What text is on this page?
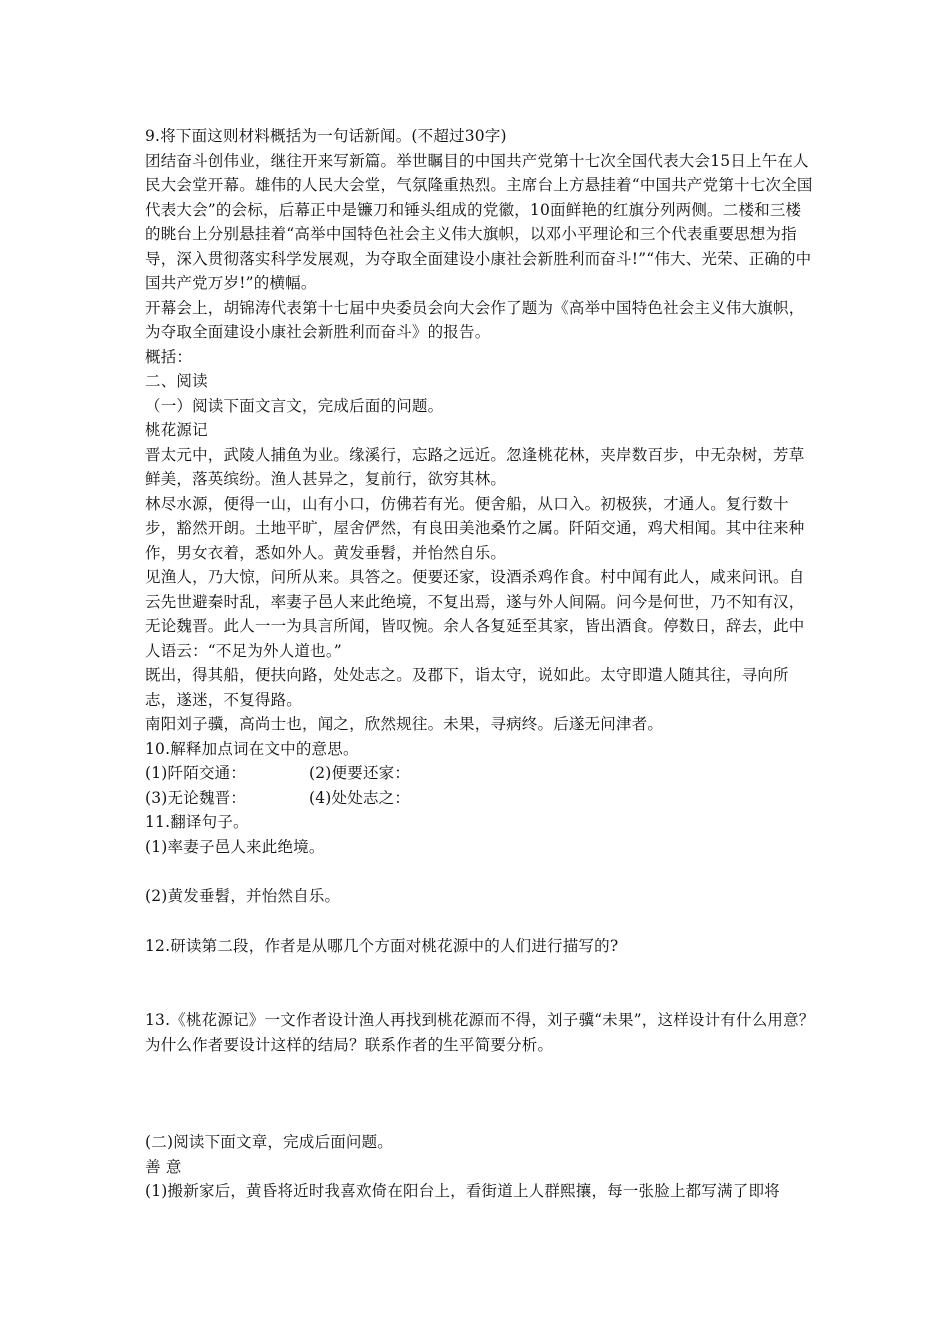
9.将下面这则材料概括为一句话新闻。(不超过30字)

团结奋斗创伟业，继往开来写新篇。举世瞩目的中国共产党第十七次全国代表大会15日上午在人民大会堂开幕。雄伟的人民大会堂，气氛隆重热烈。主席台上方悬挂着“中国共产党第十七次全国代表大会”的会标，后幕正中是镰刀和锤头组成的党徽，10面鲜艳的红旗分列两侧。二楼和三楼的眺台上分别悬挂着“高举中国特色社会主义伟大旗帜，以邓小平理论和三个代表重要思想为指导，深入贯彻落实科学发展观，为夺取全面建设小康社会新胜利而奋斗!”“伟大、光荣、正确的中国共产党万岁!”的横幅。

开幕会上，胡锦涛代表第十七届中央委员会向大会作了题为《高举中国特色社会主义伟大旗帜，为夺取全面建设小康社会新胜利而奋斗》的报告。

概括：

二、阅读

（一）阅读下面文言文，完成后面的问题。

桃花源记

晋太元中，武陵人捕鱼为业。缘溪行，忘路之远近。忽逢桃花林，夹岸数百步，中无杂树，芳草鲜美，落英缤纷。渔人甚异之，复前行，欲穷其林。

林尽水源，便得一山，山有小口，仿佛若有光。便舍船，从口入。初极狭，才通人。复行数十步，豁然开朗。土地平旷，屋舍俨然，有良田美池桑竹之属。阡陌交通，鸡犬相闻。其中往来种作，男女衣着，悉如外人。黄发垂髫，并怡然自乐。

见渔人，乃大惊，问所从来。具答之。便要还家，设酒杀鸡作食。村中闻有此人，咸来问讯。自云先世避秦时乱，率妻子邑人来此绝境，不复出焉，遂与外人间隔。问今是何世，乃不知有汉，无论魏晋。此人一一为具言所闻，皆叹惋。余人各复延至其家，皆出酒食。停数日，辞去，此中人语云：“不足为外人道也。”

既出，得其船，便扶向路，处处志之。及郡下，诣太守，说如此。太守即遣人随其往，寻向所志，遂迷，不复得路。

南阳刘子骥，高尚士也，闻之，欣然规往。未果，寻病终。后遂无问津者。

10.解释加点词在文中的意思。

(1)阡陌交通：	(2)便要还家：

(3)无论魏晋：	(4)处处志之：

11.翻译句子。

(1)率妻子邑人来此绝境。

(2)黄发垂髫，并怡然自乐。

12.研读第二段，作者是从哪几个方面对桃花源中的人们进行描写的?

13.《桃花源记》一文作者设计渔人再找到桃花源而不得，刘子骥“未果”，这样设计有什么用意？为什么作者要设计这样的结局？联系作者的生平简要分析。

(二)阅读下面文章，完成后面问题。

善 意

(1)搬新家后，黄昏将近时我喜欢倚在阳台上，看街道上人群熙攘，每一张脸上都写满了即将
